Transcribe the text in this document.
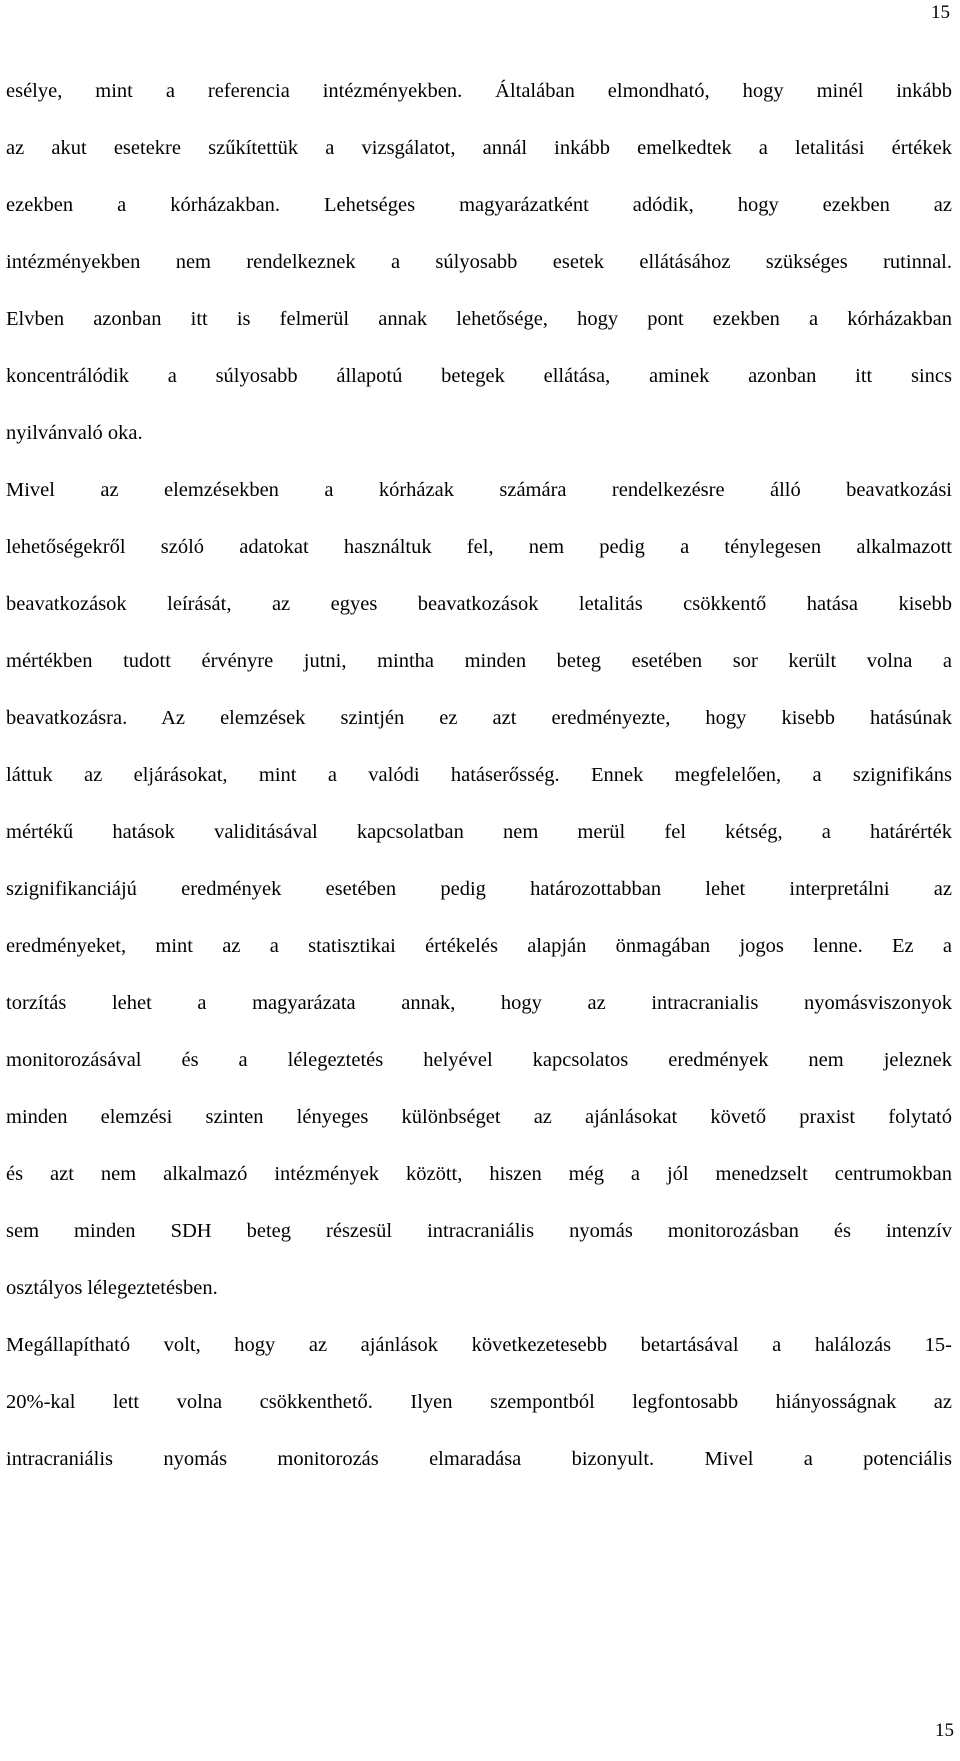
15
esélye, mint a referencia intézményekben. Általában elmondható, hogy minél inkább
az akut esetekre szűkítettük a vizsgálatot, annál inkább emelkedtek a letalitási értékek
ezekben a kórházakban. Lehetséges magyarázatként adódik, hogy ezekben az
intézményekben nem rendelkeznek a súlyosabb esetek ellátásához szükséges rutinnal.
Elvben azonban itt is felmerül annak lehetősége, hogy pont ezekben a kórházakban
koncentrálódik a súlyosabb állapotú betegek ellátása, aminek azonban itt sincs
nyilvánvaló oka.
Mivel az elemzésekben a kórházak számára rendelkezésre álló beavatkozási
lehetőségekről szóló adatokat használtuk fel, nem pedig a ténylegesen alkalmazott
beavatkozások leírását, az egyes beavatkozások letalitás csökkentő hatása kisebb
mértékben tudott érvényre jutni, mintha minden beteg esetében sor került volna a
beavatkozásra. Az elemzések szintjén ez azt eredményezte, hogy kisebb hatásúnak
láttuk az eljárásokat, mint a valódi hatáserősség. Ennek megfelelően, a szignifikáns
mértékű hatások validitásával kapcsolatban nem merül fel kétség, a határérték
szignifikanciájú eredmények esetében pedig határozottabban lehet interpretálni az
eredményeket, mint az a statisztikai értékelés alapján önmagában jogos lenne. Ez a
torzítás lehet a magyarázata annak, hogy az intracranialis nyomásviszonyok
monitorozásával és a lélegeztetés helyével kapcsolatos eredmények nem jeleznek
minden elemzési szinten lényeges különbséget az ajánlásokat követő praxist folytató
és azt nem alkalmazó intézmények között, hiszen még a jól menedzselt centrumokban
sem minden SDH beteg részesül intracraniális nyomás monitorozásban és intenzív
osztályos lélegeztetésben.
Megállapítható volt, hogy az ajánlások következetesebb betartásával a halálozás 15-
20%-kal lett volna csökkenthető. Ilyen szempontból legfontosabb hiányosságnak az
intracraniális nyomás monitorozás elmaradása bizonyult. Mivel a potenciális
15
